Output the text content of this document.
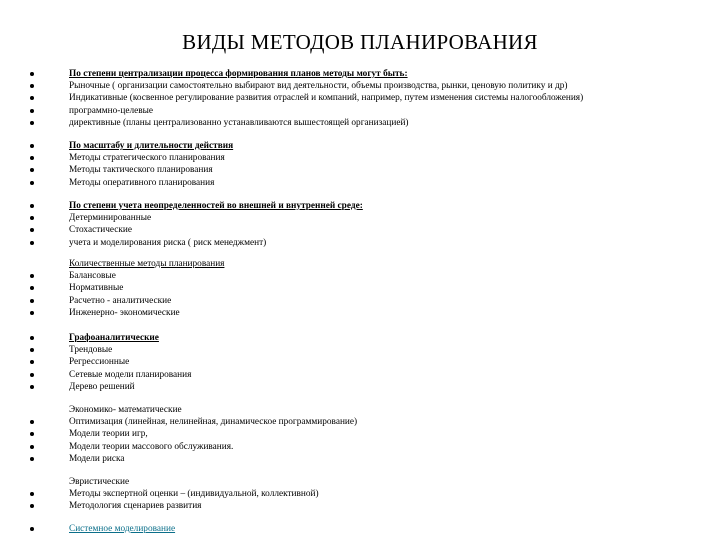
ВИДЫ МЕТОДОВ ПЛАНИРОВАНИЯ
По степени централизации процесса формирования планов методы могут быть:
Рыночные ( организации самостоятельно выбирают вид деятельности, объемы производства, рынки, ценовую политику и др)
Индикативные (косвенное регулирование развития отраслей и компаний, например, путем изменения системы налогообложения)
программно-целевые
директивные (планы централизованно устанавливаются вышестоящей организацией)
По масштабу и длительности действия
Методы стратегического планирования
Методы тактического планирования
Методы оперативного планирования
По степени учета неопределенностей во внешней и внутренней среде:
Детерминированные
Стохастические
учета и моделирования риска ( риск менеджмент)
Количественные методы планирования
Балансовые
Нормативные
Расчетно - аналитические
Инженерно- экономические
Графоаналитические
Трендовые
Регрессионные
Сетевые модели планирования
Дерево решений
Экономико- математические
Оптимизация (линейная, нелинейная, динамическое программирование)
Модели теории игр,
Модели теории массового обслуживания.
Модели риска
Эвристические
Методы экспертной оценки – (индивидуальной, коллективной)
Методология сценариев развития
Системное моделирование
